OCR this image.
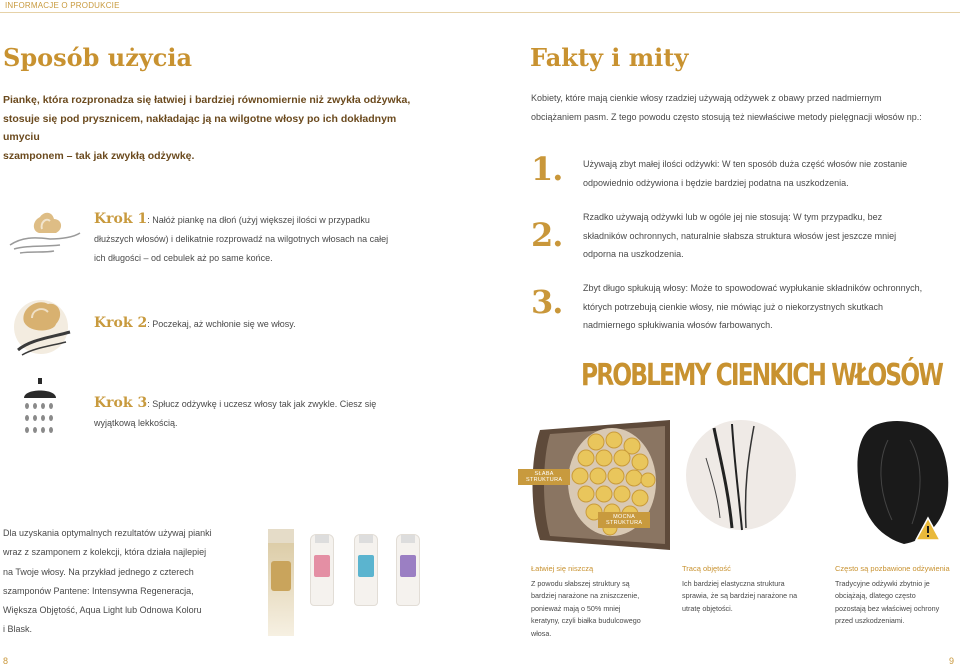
INFORMACJE O PRODUKCIE
Sposób użycia
Piankę, która rozpronadza się łatwiej i bardziej równomiernie niż zwykła odżywka,
stosuje się pod prysznicem, nakładając ją na wilgotne włosy po ich dokładnym umyciu
szamponem – tak jak zwykłą odżywkę.
Krok 1: Nałóż piankę na dłoń (użyj większej ilości w przypadku
dłuższych włosów) i delikatnie rozprowadź na wilgotnych włosach na całej
ich długości – od cebulek aż po same końce.
Krok 2: Poczekaj, aż wchłonie się we włosy.
Krok 3: Spłucz odżywkę i uczesz włosy tak jak zwykle. Ciesz się
wyjątkową lekkością.
Dla uzyskania optymalnych rezultatów używaj pianki
wraz z szamponem z kolekcji, która działa najlepiej
na Twoje włosy. Na przykład jednego z czterech
szamponów Pantene: Intensywna Regeneracja,
Większa Objętość, Aqua Light lub Odnowa Koloru
i Blask.
8
Fakty i mity
Kobiety, które mają cienkie włosy rzadziej używają odżywek z obawy przed nadmiernym
obciążaniem pasm. Z tego powodu często stosują też niewłaściwe metody pielęgnacji włosów np.:
1. Używają zbyt małej ilości odżywki: W ten sposób duża część włosów nie zostanie
odpowiednio odżywiona i będzie bardziej podatna na uszkodzenia.
2. Rzadko używają odżywki lub w ogóle jej nie stosują: W tym przypadku, bez
składników ochronnych, naturalnie słabsza struktura włosów jest jeszcze mniej
odporna na uszkodzenia.
3. Zbyt długo spłukują włosy: Może to spowodować wypłukanie składników ochronnych,
których potrzebują cienkie włosy, nie mówiąc już o niekorzystnych skutkach
nadmiernego spłukiwania włosów farbowanych.
PROBLEMY CIENKICH WŁOSÓW
SŁABA
STRUKTURA
MOCNA
STRUKTURA
Łatwiej się niszczą
Z powodu słabszej struktury są
bardziej narażone na zniszczenie,
ponieważ mają o 50% mniej
keratyny, czyli białka budulcowego
włosa.
Tracą objętość
Ich bardziej elastyczna struktura
sprawia, że są bardziej narażone na
utratę objętości.
Często są pozbawione odżywienia
Tradycyjne odżywki zbytnio je
obciążają, dlatego często
pozostają bez właściwej ochrony
przed uszkodzeniami.
9
